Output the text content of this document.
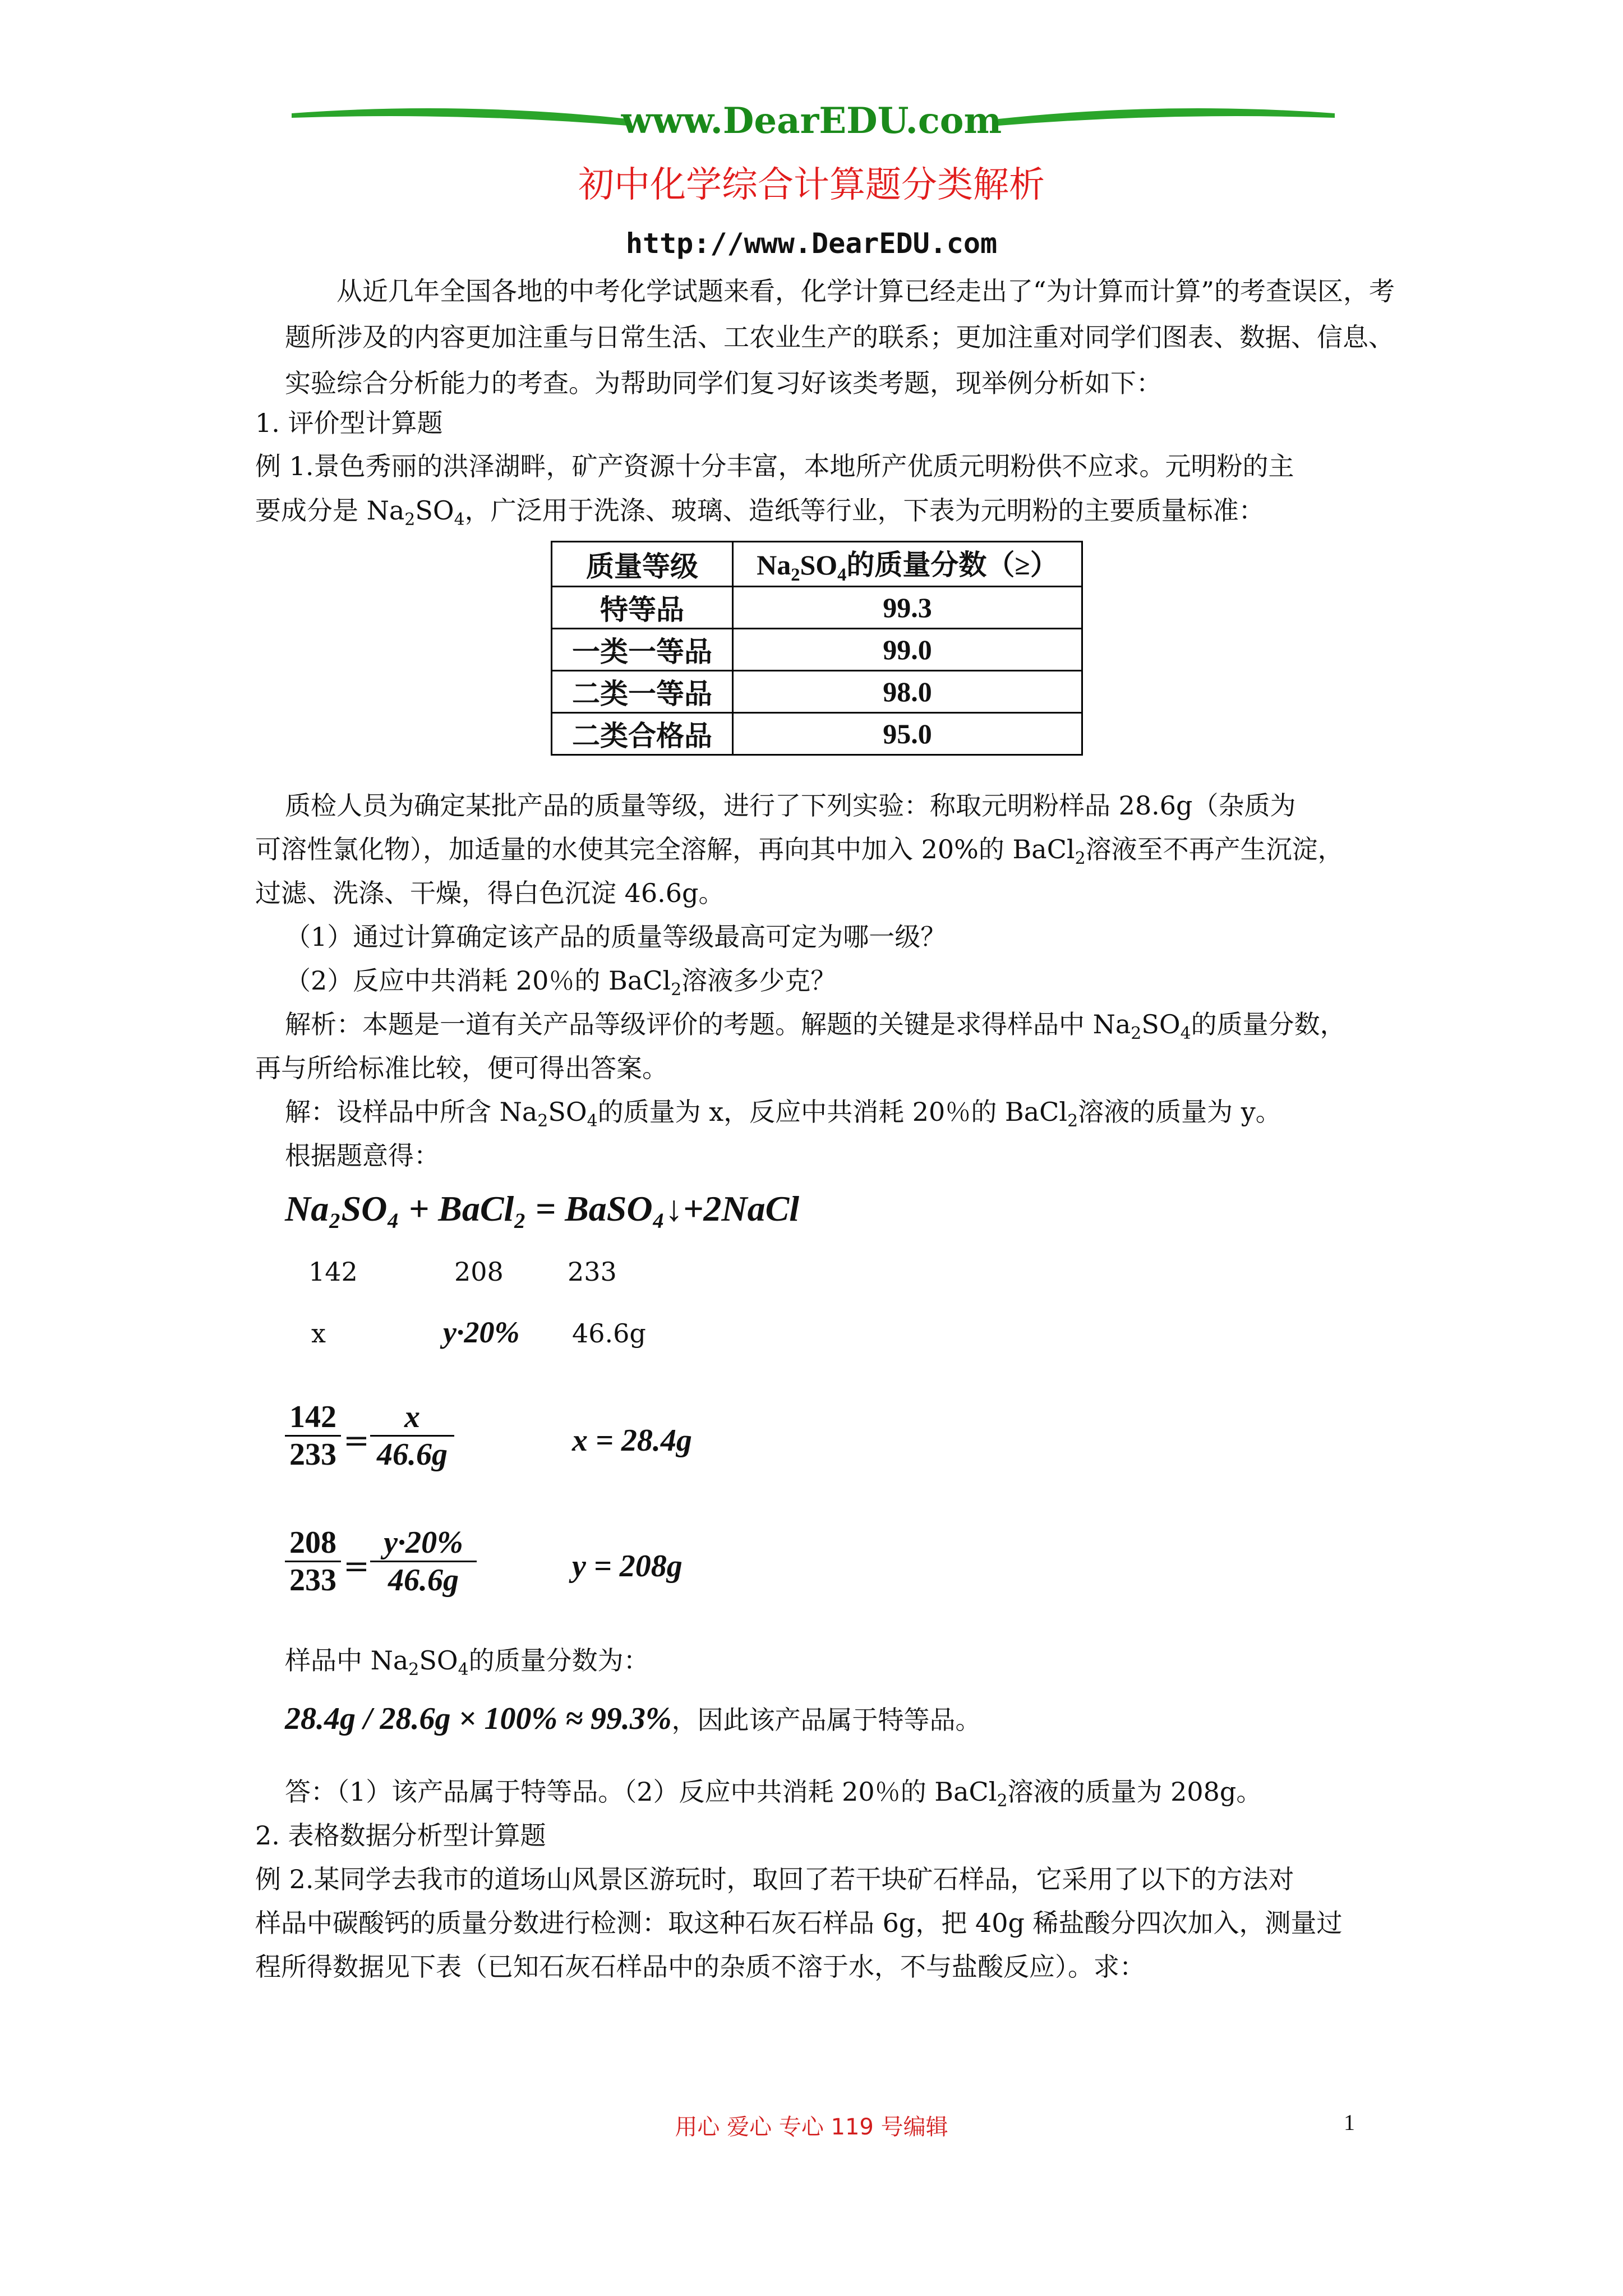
www.DearEDU.com
初中化学综合计算题分类解析
http://www.DearEDU.com
从近几年全国各地的中考化学试题来看，化学计算已经走出了“为计算而计算”的考查误区，考题所涉及的内容更加注重与日常生活、工农业生产的联系；更加注重对同学们图表、数据、信息、实验综合分析能力的考查。为帮助同学们复习好该类考题，现举例分析如下：
1. 评价型计算题
例 1.景色秀丽的洪泽湖畔，矿产资源十分丰富，本地所产优质元明粉供不应求。元明粉的主
要成分是 $Na_2SO_4$，广泛用于洗涤、玻璃、造纸等行业，下表为元明粉的主要质量标准：
质量等级	$Na_2SO_4$的质量分数（≥）
特等品	99.3
一类一等品	99.0
二类一等品	98.0
二类合格品	95.0
质检人员为确定某批产品的质量等级，进行了下列实验：称取元明粉样品 28.6g（杂质为
可溶性氯化物），加适量的水使其完全溶解，再向其中加入 20%的 BaCl$_2$溶液至不再产生沉淀，
过滤、洗涤、干燥，得白色沉淀 46.6g。
（1）通过计算确定该产品的质量等级最高可定为哪一级？
（2）反应中共消耗 20％的 BaCl$_2$溶液多少克？
解析：本题是一道有关产品等级评价的考题。解题的关键是求得样品中 $Na_2SO_4$的质量分数，
再与所给标准比较，便可得出答案。
解：设样品中所含 $Na_2SO_4$的质量为 x，反应中共消耗 20％的 BaCl$_2$溶液的质量为 y。
根据题意得：
Na₂SO₄ + BaCl₂ = BaSO₄↓+2NaCl
142	208 233
x	y·20% 46.6g
142
233 =
x
46.6g	x = 28.4g
208
233 =
y·20%
46.6g	y = 208g
样品中 $Na_2SO_4$的质量分数为：
28.4g / 28.6g × 100% ≈ 99.3%，因此该产品属于特等品。
答：（1）该产品属于特等品。（2）反应中共消耗 20％的 BaCl$_2$溶液的质量为 208g。
2. 表格数据分析型计算题
例 2.某同学去我市的道场山风景区游玩时，取回了若干块矿石样品，它采用了以下的方法对
样品中碳酸钙的质量分数进行检测：取这种石灰石样品 6g，把 40g 稀盐酸分四次加入，测量过
程所得数据见下表（已知石灰石样品中的杂质不溶于水，不与盐酸反应）。求：
用心 爱心 专心 119 号编辑	1
